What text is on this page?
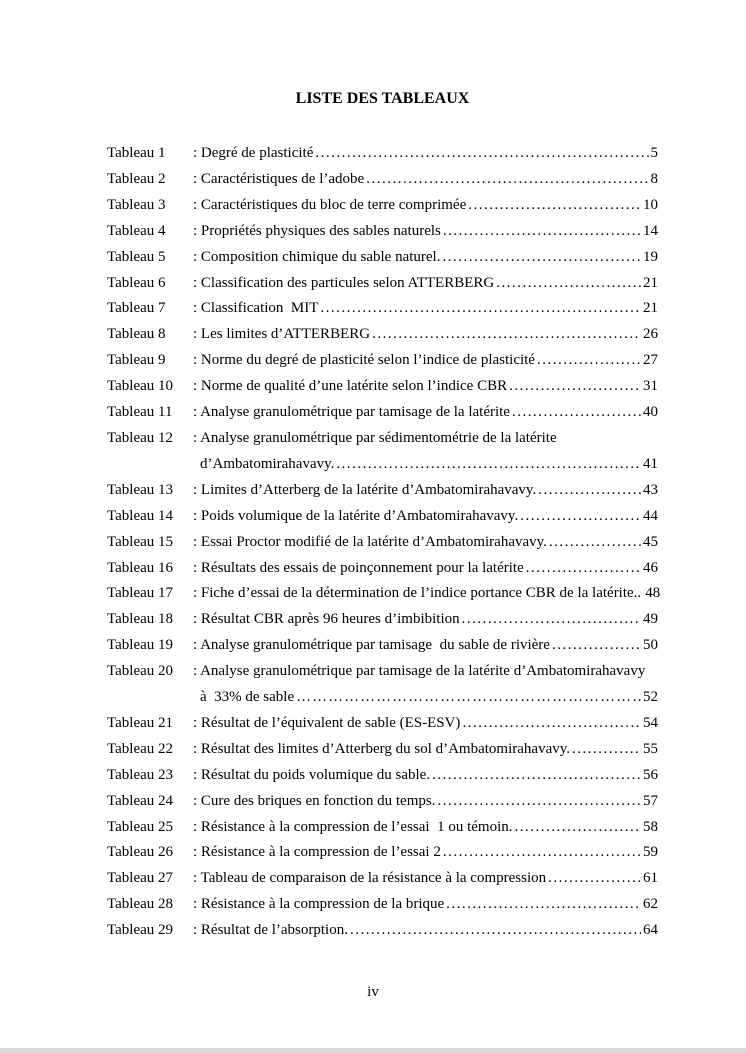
LISTE DES TABLEAUX
Tableau 1	: Degré de plasticité .....	5
Tableau 2	: Caractéristiques de l’adobe .....	8
Tableau 3	: Caractéristiques du bloc de terre comprimée .....	10
Tableau 4	: Propriétés physiques des sables naturels .....	14
Tableau 5	: Composition chimique du sable naturel. .....	19
Tableau 6	: Classification des particules selon ATTERBERG .....	21
Tableau 7	: Classification  MIT .....	21
Tableau 8	: Les limites d’ATTERBERG .....	26
Tableau 9	: Norme du degré de plasticité selon l’indice de plasticité .....	27
Tableau 10	: Norme de qualité d’une latérite selon l’indice CBR .....	31
Tableau 11	: Analyse granulométrique par tamisage de la latérite .....	40
Tableau 12	: Analyse granulométrique par sédimentométrie de la latérite
d’Ambatomirahavavy. .....	41
Tableau 13	: Limites d’Atterberg de la latérite d’Ambatomirahavavy. .....	43
Tableau 14	: Poids volumique de la latérite d’Ambatomirahavavy. .....	44
Tableau 15	: Essai Proctor modifié de la latérite d’Ambatomirahavavy. .....	45
Tableau 16	: Résultats des essais de poinçonnement pour la latérite .....	46
Tableau 17	: Fiche d’essai de la détermination de l’indice portance CBR de la latérite.. 48
Tableau 18	: Résultat CBR après 96 heures d’imbibition .....	49
Tableau 19	: Analyse granulométrique par tamisage  du sable de rivière .....	50
Tableau 20	: Analyse granulométrique par tamisage de la latérite d’Ambatomirahavavy
à  33% de sable ………………………………………………………………	52
Tableau 21	: Résultat de l’équivalent de sable (ES-ESV) .....	54
Tableau 22	: Résultat des limites d’Atterberg du sol d’Ambatomirahavavy. .....	55
Tableau 23	: Résultat du poids volumique du sable. .....	56
Tableau 24	: Cure des briques en fonction du temps. .....	57
Tableau 25	: Résistance à la compression de l’essai  1 ou témoin. .....	58
Tableau 26	: Résistance à la compression de l’essai 2 .....	59
Tableau 27	: Tableau de comparaison de la résistance à la compression .....	61
Tableau 28	: Résistance à la compression de la brique .....	62
Tableau 29	: Résultat de l’absorption. .....	64
iv
